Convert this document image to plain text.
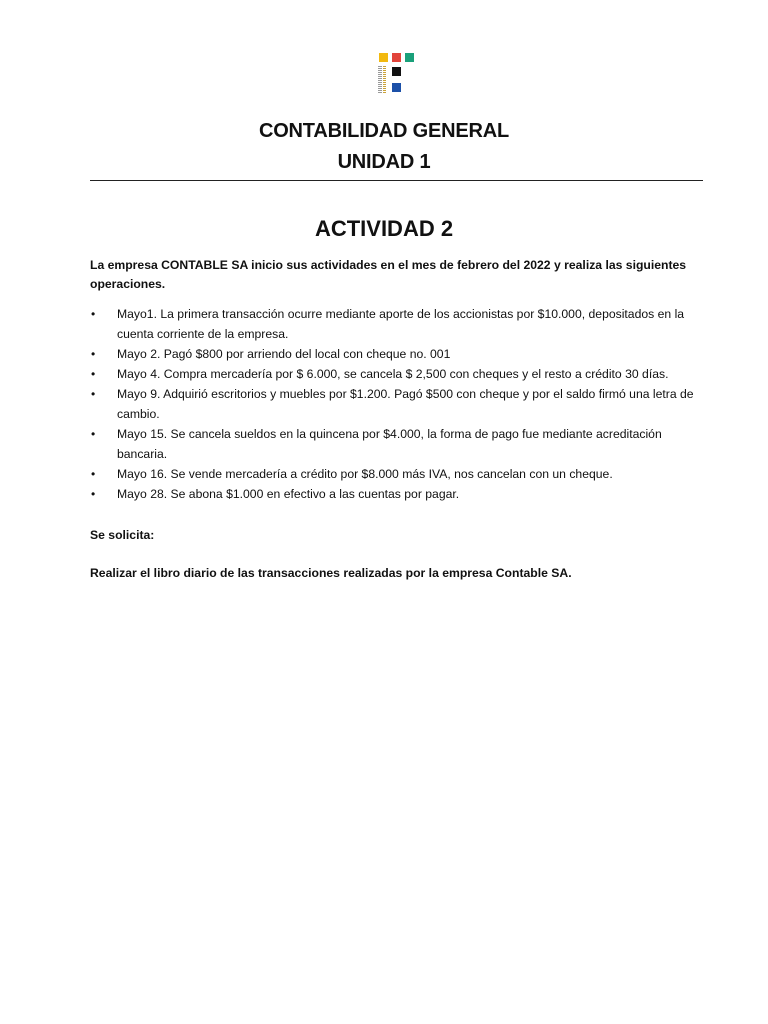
CONTABILIDAD GENERAL
UNIDAD 1
ACTIVIDAD 2
La empresa CONTABLE SA inicio sus actividades en el mes de febrero del 2022 y realiza las siguientes operaciones.
• Mayo1. La primera transacción ocurre mediante aporte de los accionistas por $10.000, depositados en la cuenta corriente de la empresa.
• Mayo 2. Pagó $800 por arriendo del local con cheque no. 001
• Mayo 4. Compra mercadería por $ 6.000, se cancela $ 2,500 con cheques y el resto a crédito 30 días.
• Mayo 9. Adquirió escritorios y muebles por $1.200. Pagó $500 con cheque y por el saldo firmó una letra de cambio.
• Mayo 15. Se cancela sueldos en la quincena por $4.000, la forma de pago fue mediante acreditación bancaria.
• Mayo 16. Se vende mercadería a crédito por $8.000 más IVA, nos cancelan con un cheque.
• Mayo 28. Se abona $1.000 en efectivo a las cuentas por pagar.
Se solicita:
Realizar el libro diario de las transacciones realizadas por la empresa Contable SA.
